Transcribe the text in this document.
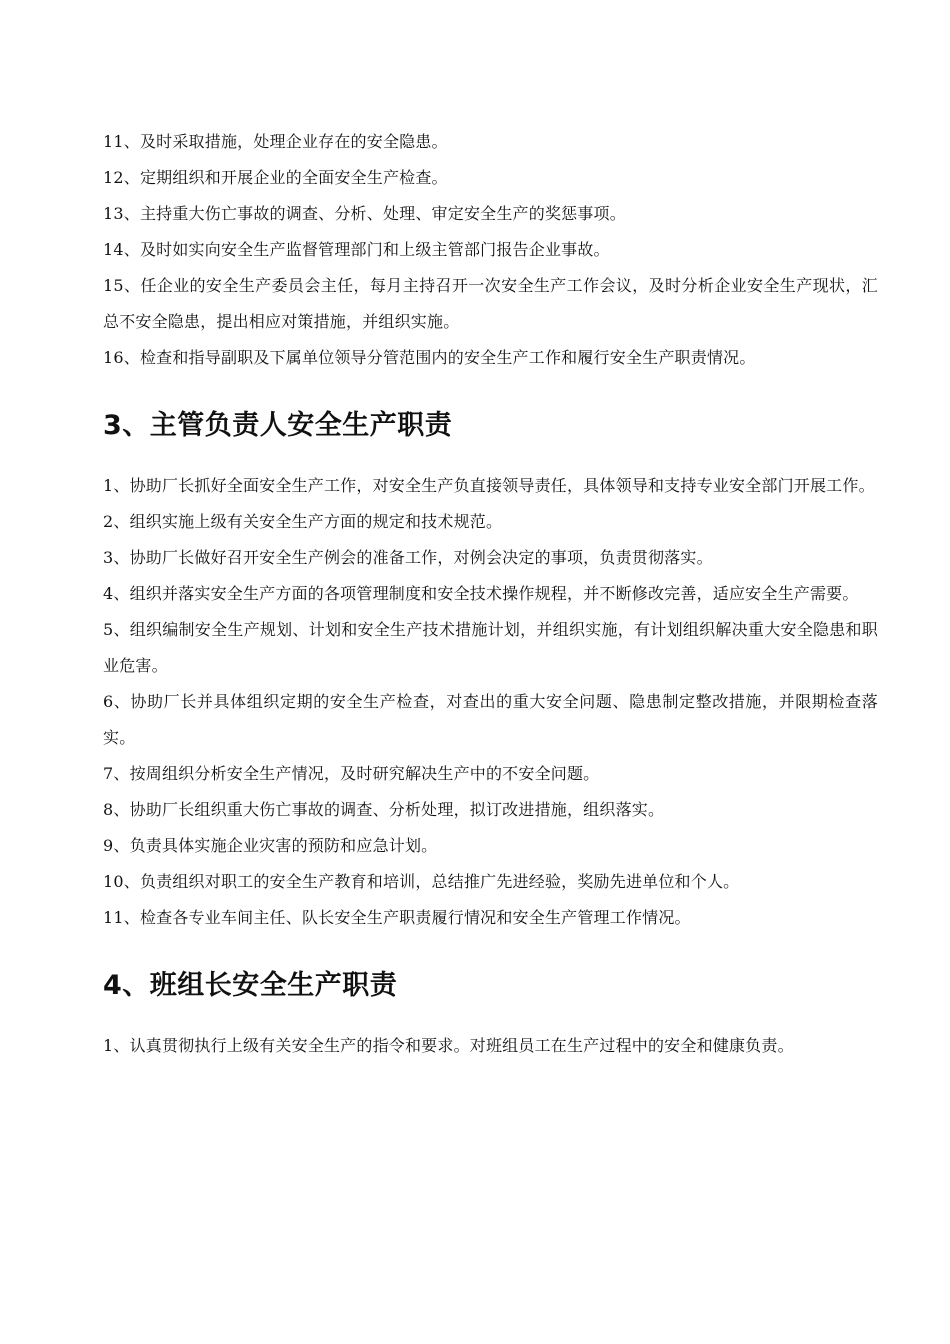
11、及时采取措施，处理企业存在的安全隐患。

12、定期组织和开展企业的全面安全生产检查。

13、主持重大伤亡事故的调查、分析、处理、审定安全生产的奖惩事项。

14、及时如实向安全生产监督管理部门和上级主管部门报告企业事故。

15、任企业的安全生产委员会主任，每月主持召开一次安全生产工作会议，及时分析企业安全生产现状，汇总不安全隐患，提出相应对策措施，并组织实施。

16、检查和指导副职及下属单位领导分管范围内的安全生产工作和履行安全生产职责情况。

3、主管负责人安全生产职责

1、协助厂长抓好全面安全生产工作，对安全生产负直接领导责任，具体领导和支持专业安全部门开展工作。

2、组织实施上级有关安全生产方面的规定和技术规范。

3、协助厂长做好召开安全生产例会的准备工作，对例会决定的事项，负责贯彻落实。

4、组织并落实安全生产方面的各项管理制度和安全技术操作规程，并不断修改完善，适应安全生产需要。

5、组织编制安全生产规划、计划和安全生产技术措施计划，并组织实施，有计划组织解决重大安全隐患和职业危害。

6、协助厂长并具体组织定期的安全生产检查，对查出的重大安全问题、隐患制定整改措施，并限期检查落实。

7、按周组织分析安全生产情况，及时研究解决生产中的不安全问题。

8、协助厂长组织重大伤亡事故的调查、分析处理，拟订改进措施，组织落实。

9、负责具体实施企业灾害的预防和应急计划。

10、负责组织对职工的安全生产教育和培训，总结推广先进经验，奖励先进单位和个人。

11、检查各专业车间主任、队长安全生产职责履行情况和安全生产管理工作情况。

4、班组长安全生产职责

1、认真贯彻执行上级有关安全生产的指令和要求。对班组员工在生产过程中的安全和健康负责。
